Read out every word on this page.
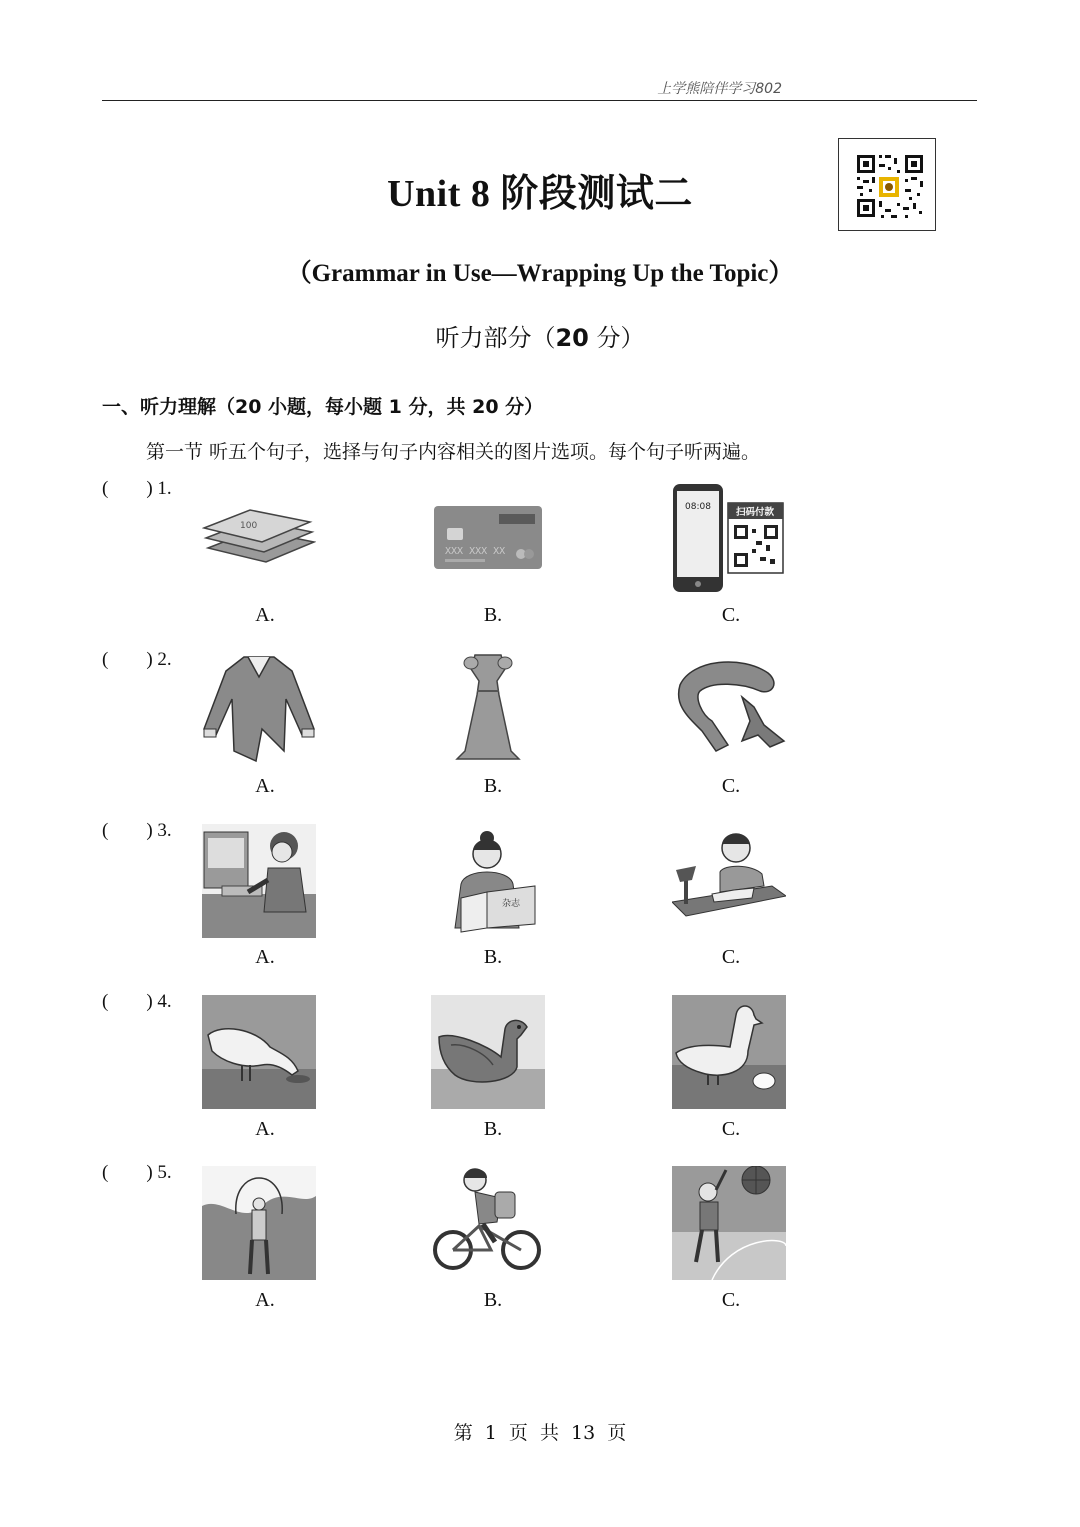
上学熊陪伴学习802
Unit 8 阶段测试二
（Grammar in Use—Wrapping Up the Topic）
听力部分（20 分）
一、听力理解（20 小题，每小题 1 分，共 20 分）
第一节 听五个句子，选择与句子内容相关的图片选项。每个句子听两遍。
(        ) 1.
100
XXX XXX XX
08:08	扫码付款
A.	B.	C.
(        ) 2.
A.	B.	C.
(        ) 3.
杂志
A.	B.	C.
(        ) 4.
A.	B.	C.
(        ) 5.
A.	B.	C.
第 1 页 共 13 页
